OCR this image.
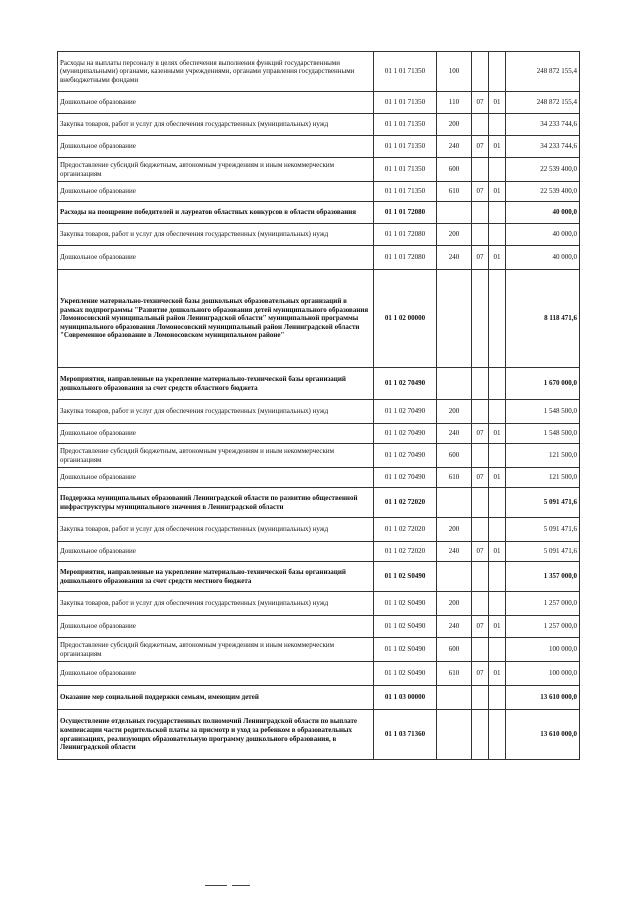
Расходы на выплаты персоналу в целях обеспечения выполнения функций государственными (муниципальными) органами, казенными учреждениями, органами управления государственными внебюджетными фондами	01 1 01 71350	100			248 872 155,4
Дошкольное образование	01 1 01 71350	110	07	01	248 872 155,4
Закупка товаров, работ и услуг для обеспечения государственных (муниципальных) нужд	01 1 01 71350	200			34 233 744,6
Дошкольное образование	01 1 01 71350	240	07	01	34 233 744,6
Предоставление субсидий бюджетным, автономным учреждениям и иным некоммерческим организациям	01 1 01 71350	600			22 539 400,0
Дошкольное образование	01 1 01 71350	610	07	01	22 539 400,0
Расходы на поощрение победителей и лауреатов областных конкурсов в области образования	01 1 01 72080				40 000,0
Закупка товаров, работ и услуг для обеспечения государственных (муниципальных) нужд	01 1 01 72080	200			40 000,0
Дошкольное образование	01 1 01 72080	240	07	01	40 000,0
Укрепление материально-технической базы дошкольных образовательных организаций в рамках подпрограммы "Развитие дошкольного образования детей муниципального образования Ломоносовский муниципальный район Ленинградской области" муниципальной программы муниципального образования Ломоносовский муниципальный район Ленинградской области "Современное образование в Ломоносовском муниципальном районе"	01 1 02 00000				8 118 471,6
Мероприятия, направленные на укрепление материально-технической базы организаций дошкольного образования за счет средств областного бюджета	01 1 02 70490				1 670 000,0
Закупка товаров, работ и услуг для обеспечения государственных (муниципальных) нужд	01 1 02 70490	200			1 548 500,0
Дошкольное образование	01 1 02 70490	240	07	01	1 548 500,0
Предоставление субсидий бюджетным, автономным учреждениям и иным некоммерческим организациям	01 1 02 70490	600			121 500,0
Дошкольное образование	01 1 02 70490	610	07	01	121 500,0
Поддержка муниципальных образований Ленинградской области по развитию общественной инфраструктуры муниципального значения в Ленинградской области	01 1 02 72020				5 091 471,6
Закупка товаров, работ и услуг для обеспечения государственных (муниципальных) нужд	01 1 02 72020	200			5 091 471,6
Дошкольное образование	01 1 02 72020	240	07	01	5 091 471,6
Мероприятия, направленные на укрепление материально-технической базы организаций дошкольного образования за счет средств местного бюджета	01 1 02 S0490				1 357 000,0
Закупка товаров, работ и услуг для обеспечения государственных (муниципальных) нужд	01 1 02 S0490	200			1 257 000,0
Дошкольное образование	01 1 02 S0490	240	07	01	1 257 000,0
Предоставление субсидий бюджетным, автономным учреждениям и иным некоммерческим организациям	01 1 02 S0490	600			100 000,0
Дошкольное образование	01 1 02 S0490	610	07	01	100 000,0
Оказание мер социальной поддержки семьям, имеющим детей	01 1 03 00000				13 610 000,0
Осуществление отдельных государственных полномочий Ленинградской области по выплате компенсации части родительской платы за присмотр и уход за ребенком в образовательных организациях, реализующих образовательную программу дошкольного образования, в Ленинградской области	01 1 03 71360				13 610 000,0
